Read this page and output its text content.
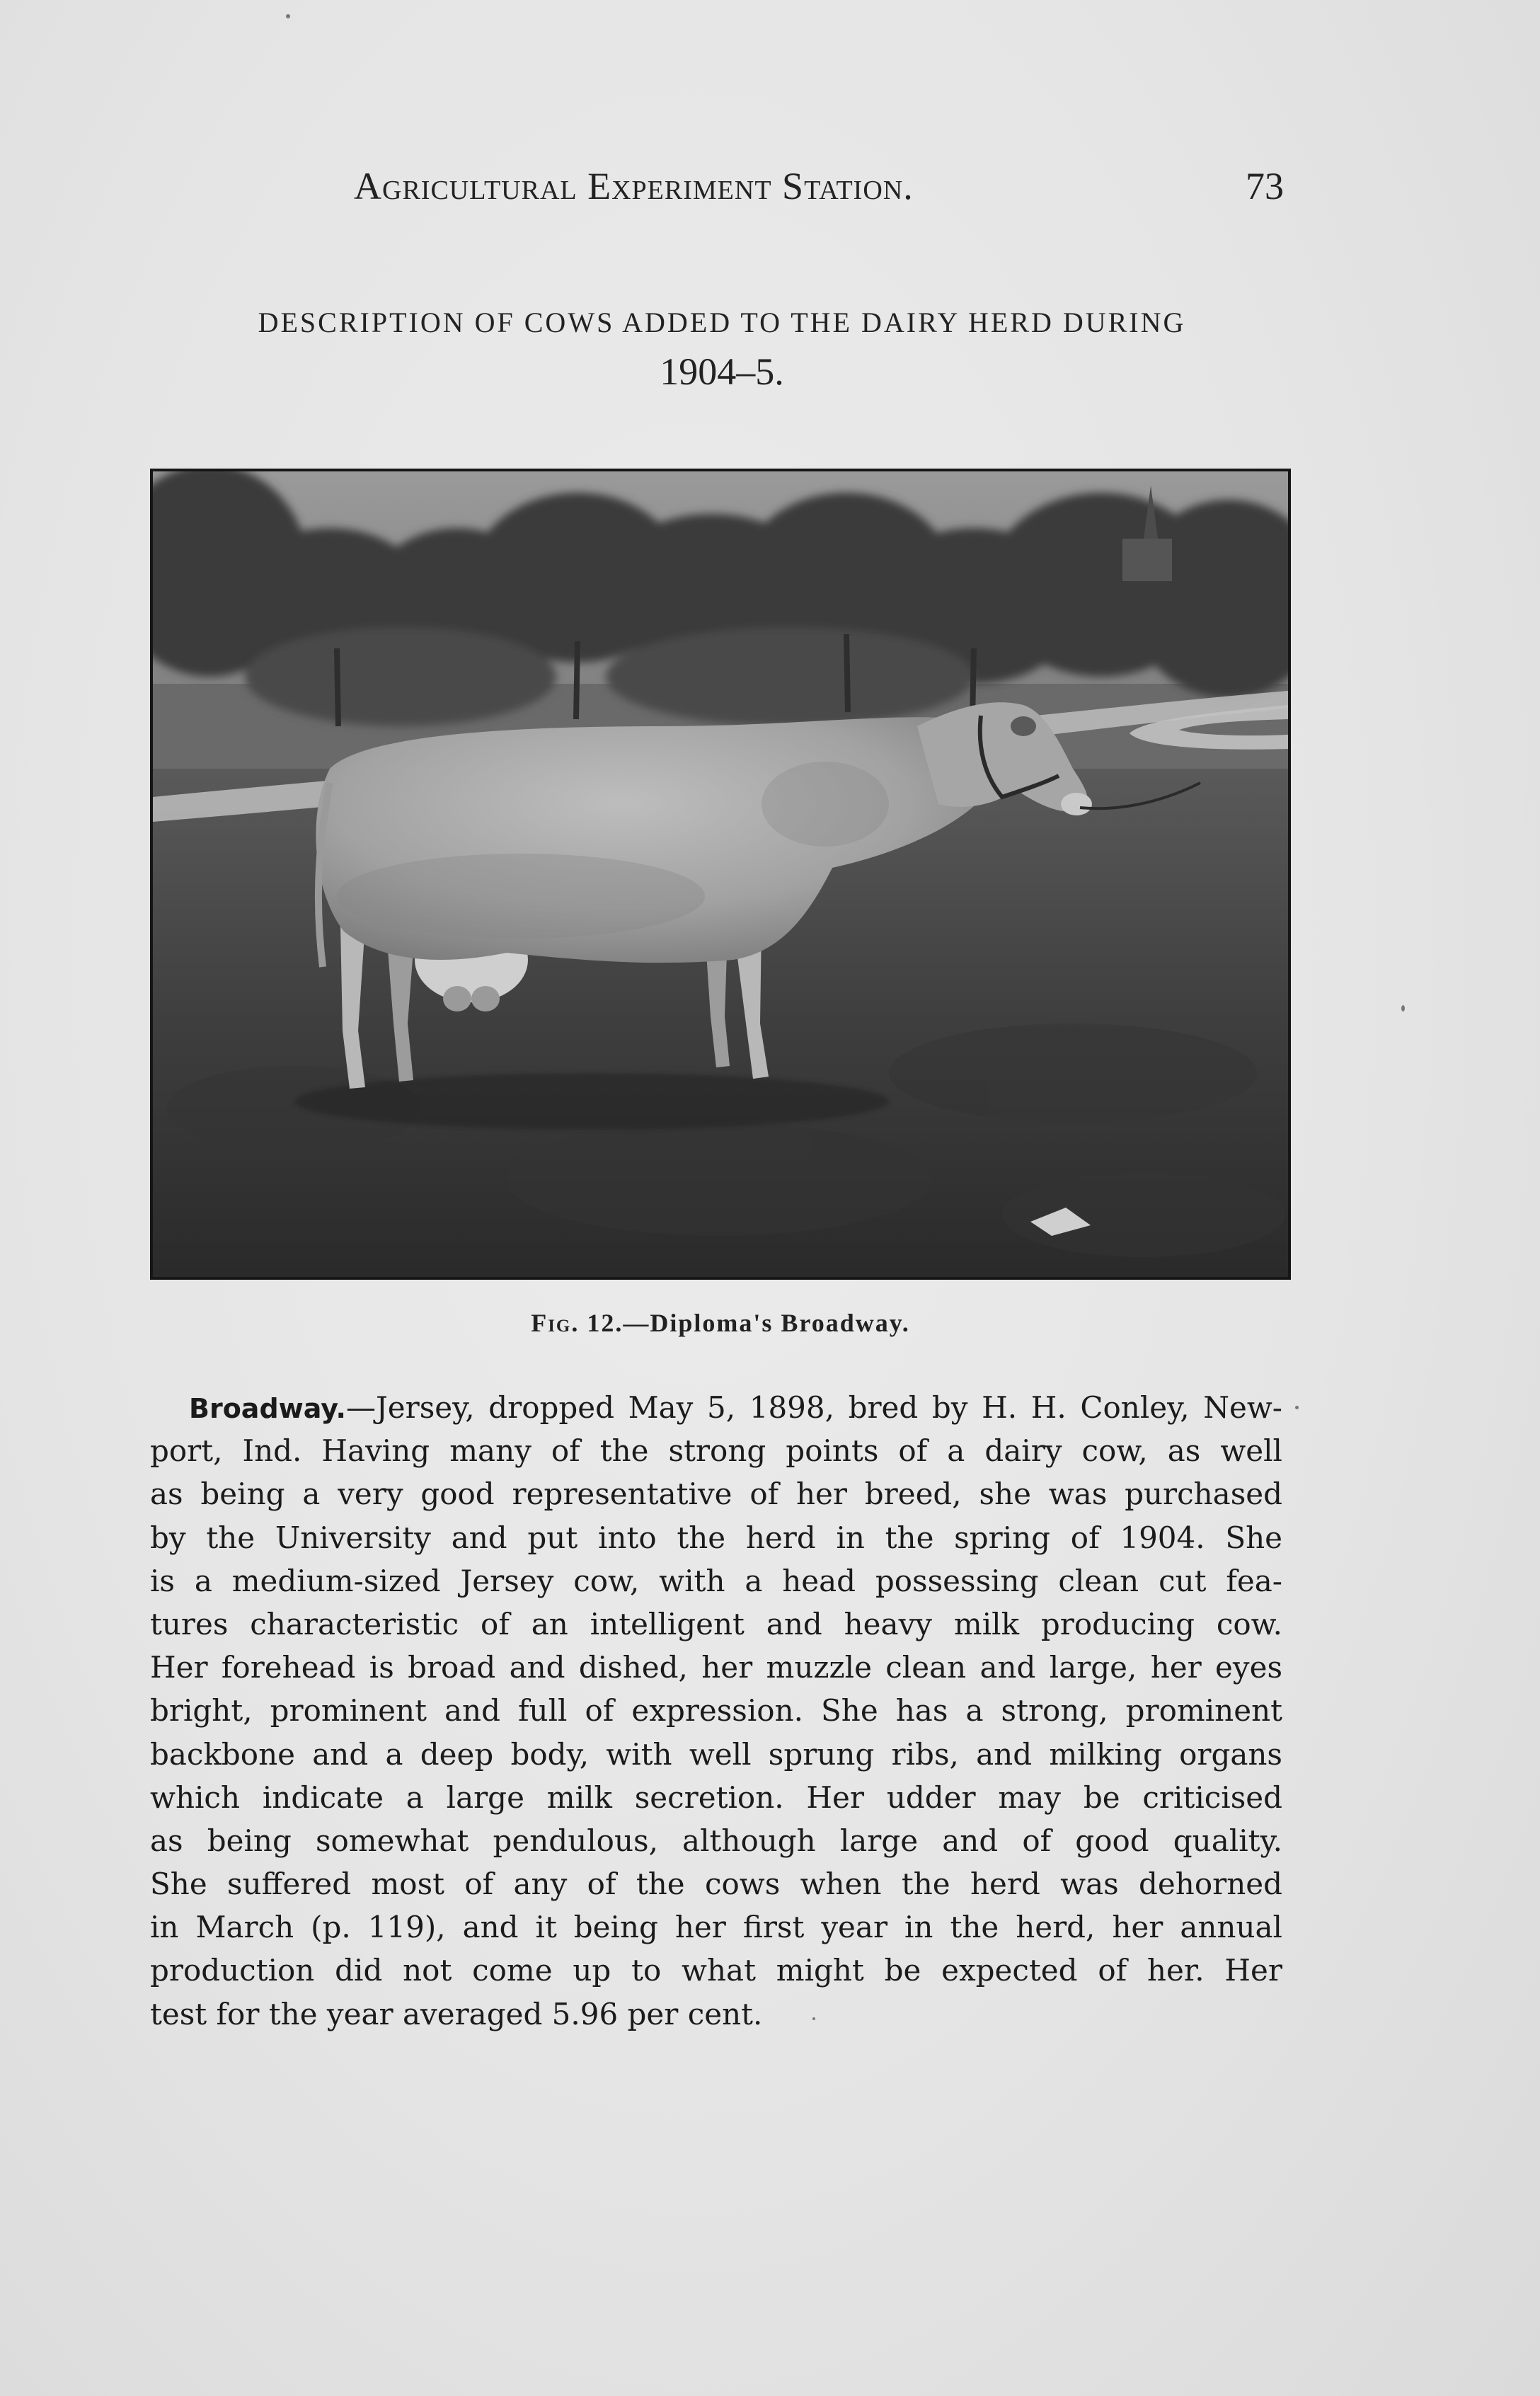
Agricultural Experiment Station.	73
DESCRIPTION OF COWS ADDED TO THE DAIRY HERD DURING
1904–5.
Fig. 12.—Diploma's Broadway.
Broadway.—Jersey, dropped May 5, 1898, bred by H. H. Conley, New-
port, Ind. Having many of the strong points of a dairy cow, as well
as being a very good representative of her breed, she was purchased
by the University and put into the herd in the spring of 1904. She
is a medium-sized Jersey cow, with a head possessing clean cut fea-
tures characteristic of an intelligent and heavy milk producing cow.
Her forehead is broad and dished, her muzzle clean and large, her eyes
bright, prominent and full of expression. She has a strong, prominent
backbone and a deep body, with well sprung ribs, and milking organs
which indicate a large milk secretion. Her udder may be criticised
as being somewhat pendulous, although large and of good quality.
She suffered most of any of the cows when the herd was dehorned
in March (p. 119), and it being her first year in the herd, her annual
production did not come up to what might be expected of her. Her
test for the year averaged 5.96 per cent.
